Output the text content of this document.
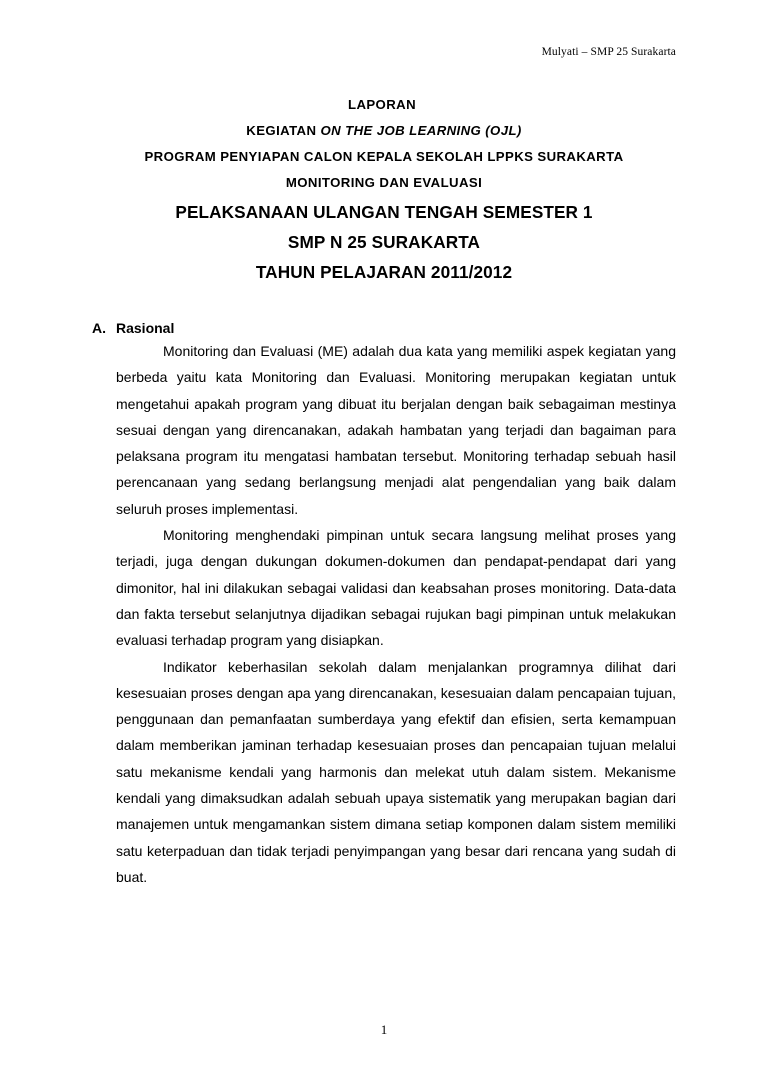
Mulyati – SMP 25 Surakarta
LAPORAN
KEGIATAN ON THE JOB LEARNING (OJL)
PROGRAM PENYIAPAN CALON KEPALA SEKOLAH LPPKS SURAKARTA
MONITORING DAN EVALUASI
PELAKSANAAN ULANGAN TENGAH SEMESTER 1
SMP N 25 SURAKARTA
TAHUN PELAJARAN 2011/2012
A. Rasional

Monitoring dan Evaluasi (ME) adalah dua kata yang memiliki aspek kegiatan yang berbeda yaitu kata Monitoring dan Evaluasi. Monitoring merupakan kegiatan untuk mengetahui apakah program yang dibuat itu berjalan dengan baik sebagaiman mestinya sesuai dengan yang direncanakan, adakah hambatan yang terjadi dan bagaiman para pelaksana program itu mengatasi hambatan tersebut. Monitoring terhadap sebuah hasil perencanaan yang sedang berlangsung menjadi alat pengendalian yang baik dalam seluruh proses implementasi.

Monitoring menghendaki pimpinan untuk secara langsung melihat proses yang terjadi, juga dengan dukungan dokumen-dokumen dan pendapat-pendapat dari yang dimonitor, hal ini dilakukan sebagai validasi dan keabsahan proses monitoring. Data-data dan fakta tersebut selanjutnya dijadikan sebagai rujukan bagi pimpinan untuk melakukan evaluasi terhadap program yang disiapkan.

Indikator keberhasilan sekolah dalam menjalankan programnya dilihat dari kesesuaian proses dengan apa yang direncanakan, kesesuaian dalam pencapaian tujuan, penggunaan dan pemanfaatan sumberdaya yang efektif dan efisien, serta kemampuan dalam memberikan jaminan terhadap kesesuaian proses dan pencapaian tujuan melalui satu mekanisme kendali yang harmonis dan melekat utuh dalam sistem. Mekanisme kendali yang dimaksudkan adalah sebuah upaya sistematik yang merupakan bagian dari manajemen untuk mengamankan sistem dimana setiap komponen dalam sistem memiliki satu keterpaduan dan tidak terjadi penyimpangan yang besar dari rencana yang sudah di buat.

1
